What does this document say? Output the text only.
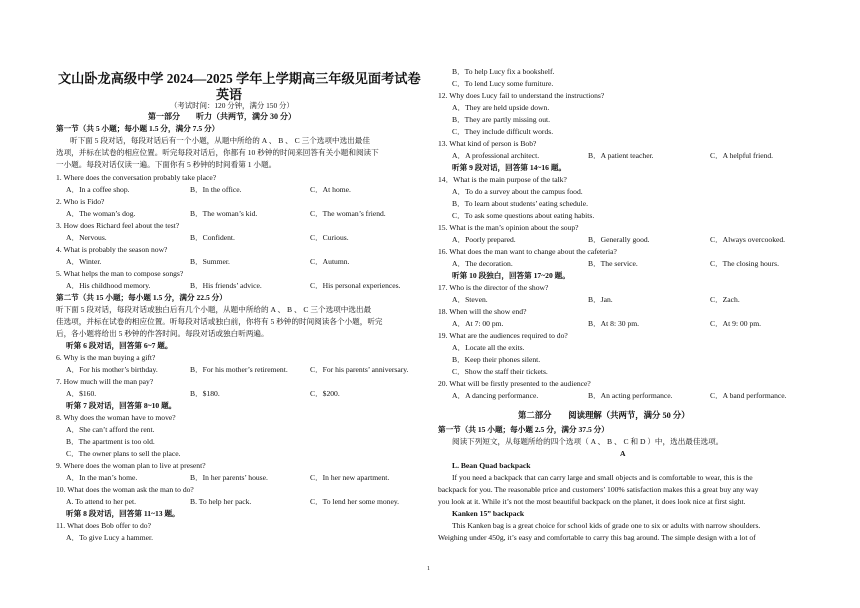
文山卧龙高级中学 2024—2025 学年上学期高三年级见面考试卷
英语
（考试时间：120 分钟，满分 150 分）
第一部分　　听力（共两节，满分 30 分）
第一节（共 5 小题；每小题 1.5 分，满分 7.5 分）
听下面 5 段对话，每段对话后有一个小题，从题中所给的 A 、 B 、 C 三个选项中选出最佳
选项，并标在试卷的相应位置。听完每段对话后，你都有 10 秒钟的时间来回答有关小题和阅读下
一小题。每段对话仅读一遍。下面你有 5 秒钟的时间看第 1 小题。
1. Where does the conversation probably take place?
A．In a coffee shop.	B．In the office.	C．At home.
2. Who is Fido?
A．The woman’s dog.	B．The woman’s kid.	C．The woman’s friend.
3. How does Richard feel about the test?
A．Nervous.	B．Confident.	C．Curious.
4. What is probably the season now?
A．Winter.	B．Summer.	C．Autumn.
5. What helps the man to compose songs?
A．His childhood memory.	B．His friends’ advice.	C．His personal experiences.
第二节（共 15 小题；每小题 1.5 分，满分 22.5 分）
听下面 5 段对话，每段对话或独白后有几个小题，从题中所给的 A 、 B 、 C 三个选项中选出最
佳选项，并标在试卷的相应位置。听每段对话或独白前，你将有 5 秒钟的时间阅读各个小题，听完
后，各小题将给出 5 秒钟的作答时间。每段对话或独白听两遍。
听第 6 段对话，回答第 6~7 题。
6. Why is the man buying a gift?
A．For his mother’s birthday.	B．For his mother’s retirement.	C．For his parents’ anniversary.
7. How much will the man pay?
A．$160.	B．$180.	C．$200.
听第 7 段对话，回答第 8~10 题。
8. Why does the woman have to move?
A．She can’t afford the rent.
B．The apartment is too old.
C．The owner plans to sell the place.
9. Where does the woman plan to live at present?
A．In the man’s home.	B．In her parents’ house.	C．In her new apartment.
10. What does the woman ask the man to do?
A. To attend to her pet.	B. To help her pack.	C．To lend her some money.
听第 8 段对话，回答第 11~13 题。
11. What does Bob offer to do?
A．To give Lucy a hammer.
B．To help Lucy fix a bookshelf.
C．To lend Lucy some furniture.
12. Why does Lucy fail to understand the instructions?
A．They are held upside down.
B．They are partly missing out.
C．They include difficult words.
13. What kind of person is Bob?
A．A professional architect.	B．A patient teacher.	C．A helpful friend.
听第 9 段对话，回答第 14~16 题。
14．What is the main purpose of the talk?
A．To do a survey about the campus food.
B．To learn about students’ eating schedule.
C．To ask some questions about eating habits.
15. What is the man’s opinion about the soup?
A．Poorly prepared.	B．Generally good.	C．Always overcooked.
16. What does the man want to change about the cafeteria?
A．The decoration.	B．The service.	C．The closing hours.
听第 10 段独白，回答第 17~20 题。
17. Who is the director of the show?
A．Steven.	B．Jan.	C．Zach.
18. When will the show end?
A．At 7: 00 pm.	B．At 8: 30 pm.	C．At 9: 00 pm.
19. What are the audiences required to do?
A．Locate all the exits.
B．Keep their phones silent.
C．Show the staff their tickets.
20. What will be firstly presented to the audience?
A．A dancing performance.	B．An acting performance.	C．A band performance.
第二部分　　阅读理解（共两节，满分 50 分）
第一节（共 15 小题；每小题 2.5 分，满分 37.5 分）
阅读下列短文，从每题所给的四个选项（ A 、 B 、 C 和 D ）中，选出最佳选项。
A
L. Bean Quad backpack
If you need a backpack that can carry large and small objects and is comfortable to wear, this is the
backpack for you. The reasonable price and customers’ 100% satisfaction makes this a great buy any way
you look at it. While it’s not the most beautiful backpack on the planet, it does look nice at first sight.
Kanken 15” backpack
This Kanken bag is a great choice for school kids of grade one to six or adults with narrow shoulders.
Weighing under 450g, it’s easy and comfortable to carry this bag around. The simple design with a lot of
1
